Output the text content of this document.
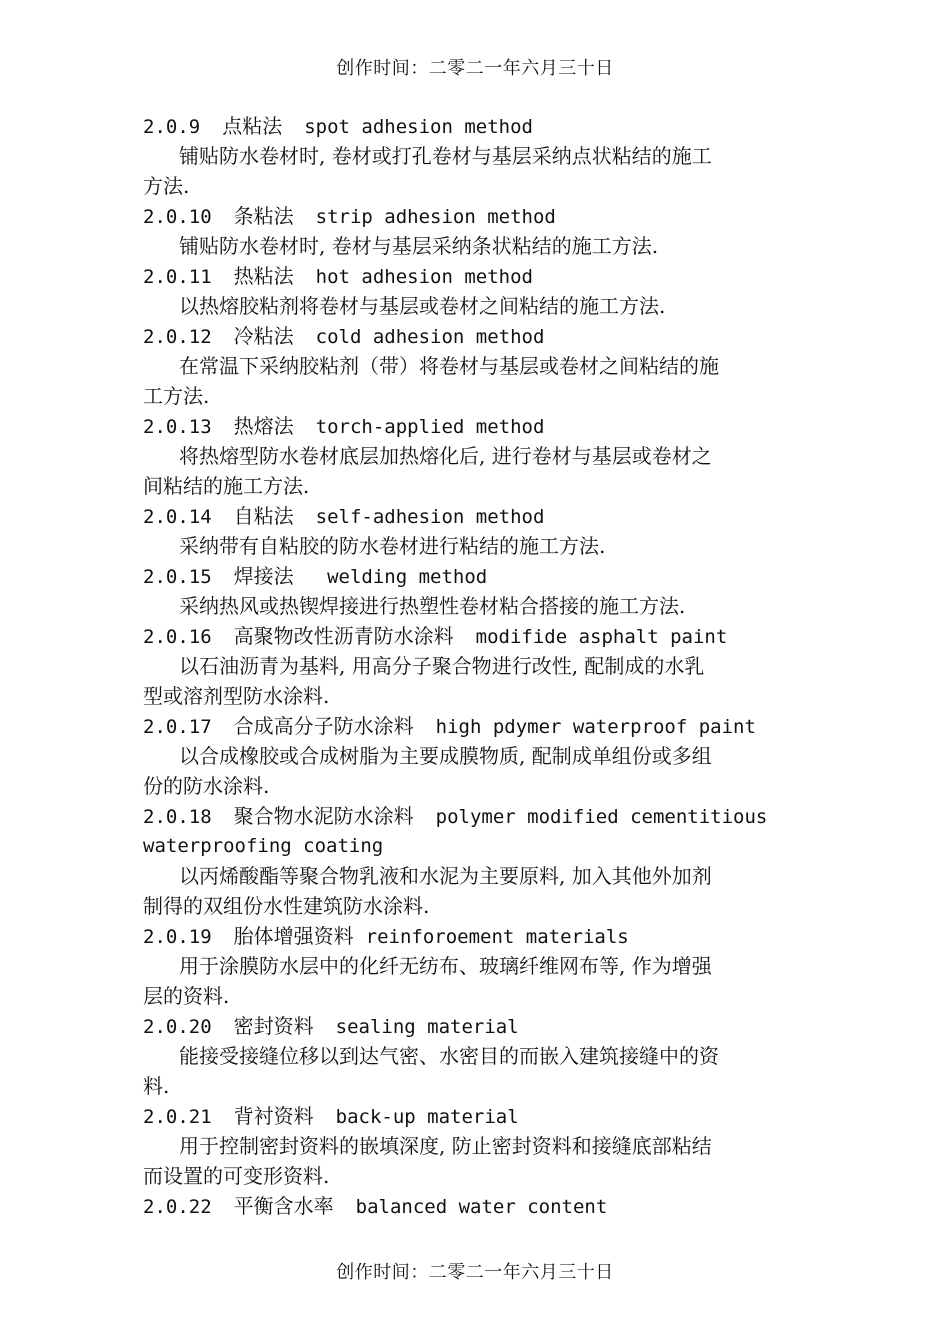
创作时间：二零二一年六月三十日
2.0.9 点粘法 spot adhesion method
铺贴防水卷材时, 卷材或打孔卷材与基层采纳点状粘结的施工
方法.
2.0.10 条粘法 strip adhesion method
铺贴防水卷材时, 卷材与基层采纳条状粘结的施工方法.
2.0.11 热粘法 hot adhesion method
以热熔胶粘剂将卷材与基层或卷材之间粘结的施工方法.
2.0.12 冷粘法 cold adhesion method
在常温下采纳胶粘剂（带）将卷材与基层或卷材之间粘结的施
工方法.
2.0.13 热熔法 torch-applied method
将热熔型防水卷材底层加热熔化后, 进行卷材与基层或卷材之
间粘结的施工方法.
2.0.14 自粘法 self-adhesion method
采纳带有自粘胶的防水卷材进行粘结的施工方法.
2.0.15 焊接法 welding method
采纳热风或热锲焊接进行热塑性卷材粘合搭接的施工方法.
2.0.16 高聚物改性沥青防水涂料 modifide asphalt paint
以石油沥青为基料, 用高分子聚合物进行改性, 配制成的水乳
型或溶剂型防水涂料.
2.0.17 合成高分子防水涂料 high pdymer waterproof paint
以合成橡胶或合成树脂为主要成膜物质, 配制成单组份或多组
份的防水涂料.
2.0.18 聚合物水泥防水涂料 polymer modified cementitious
waterproofing coating
以丙烯酸酯等聚合物乳液和水泥为主要原料, 加入其他外加剂
制得的双组份水性建筑防水涂料.
2.0.19 胎体增强资料 reinforoement materials
用于涂膜防水层中的化纤无纺布、玻璃纤维网布等, 作为增强
层的资料.
2.0.20 密封资料 sealing material
能接受接缝位移以到达气密、水密目的而嵌入建筑接缝中的资
料.
2.0.21 背衬资料 back-up material
用于控制密封资料的嵌填深度, 防止密封资料和接缝底部粘结
而设置的可变形资料.
2.0.22 平衡含水率 balanced water content
创作时间：二零二一年六月三十日
